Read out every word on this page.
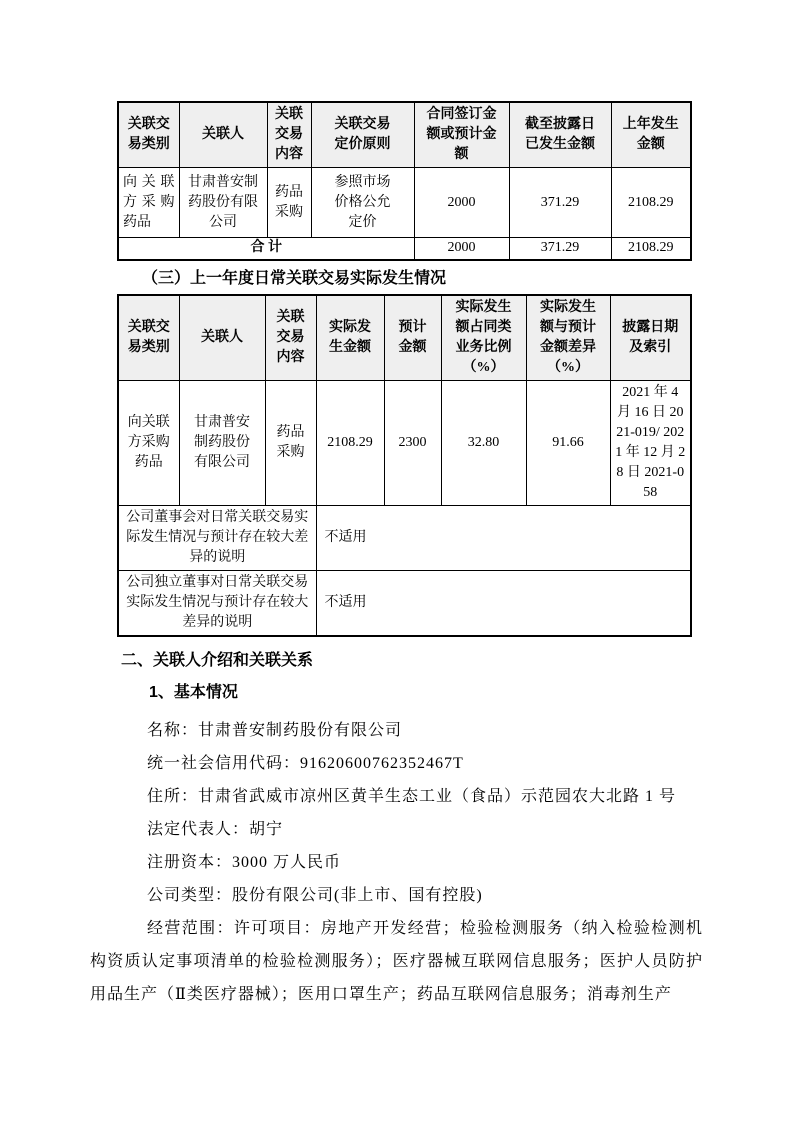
关联交易类别	关联人	关联交易内容	关联交易定价原则	合同签订金额或预计金额	截至披露日已发生金额	上年发生金额
向关联方采购药品	甘肃普安制药股份有限公司	药品采购	参照市场价格公允定价	2000	371.29	2108.29
合 计				2000	371.29	2108.29
（三）上一年度日常关联交易实际发生情况
关联交易类别	关联人	关联交易内容	实际发生金额	预计金额	实际发生额占同类业务比例（%）	实际发生额与预计金额差异（%）	披露日期及索引
向关联方采购药品	甘肃普安制药股份有限公司	药品采购	2108.29	2300	32.80	91.66	2021 年 4 月 16 日 2021-019/ 2021 年 12 月 28 日 2021-058
公司董事会对日常关联交易实际发生情况与预计存在较大差异的说明			不适用				
公司独立董事对日常关联交易实际发生情况与预计存在较大差异的说明			不适用				
二、关联人介绍和关联关系
1、基本情况

名称：甘肃普安制药股份有限公司

统一社会信用代码：91620600762352467T

住所：甘肃省武威市凉州区黄羊生态工业（食品）示范园农大北路 1 号

法定代表人：胡宁

注册资本：3000 万人民币

公司类型：股份有限公司(非上市、国有控股)

经营范围：许可项目：房地产开发经营；检验检测服务（纳入检验检测机构资质认定事项清单的检验检测服务）；医疗器械互联网信息服务；医护人员防护用品生产（Ⅱ类医疗器械）；医用口罩生产；药品互联网信息服务；消毒剂生产
